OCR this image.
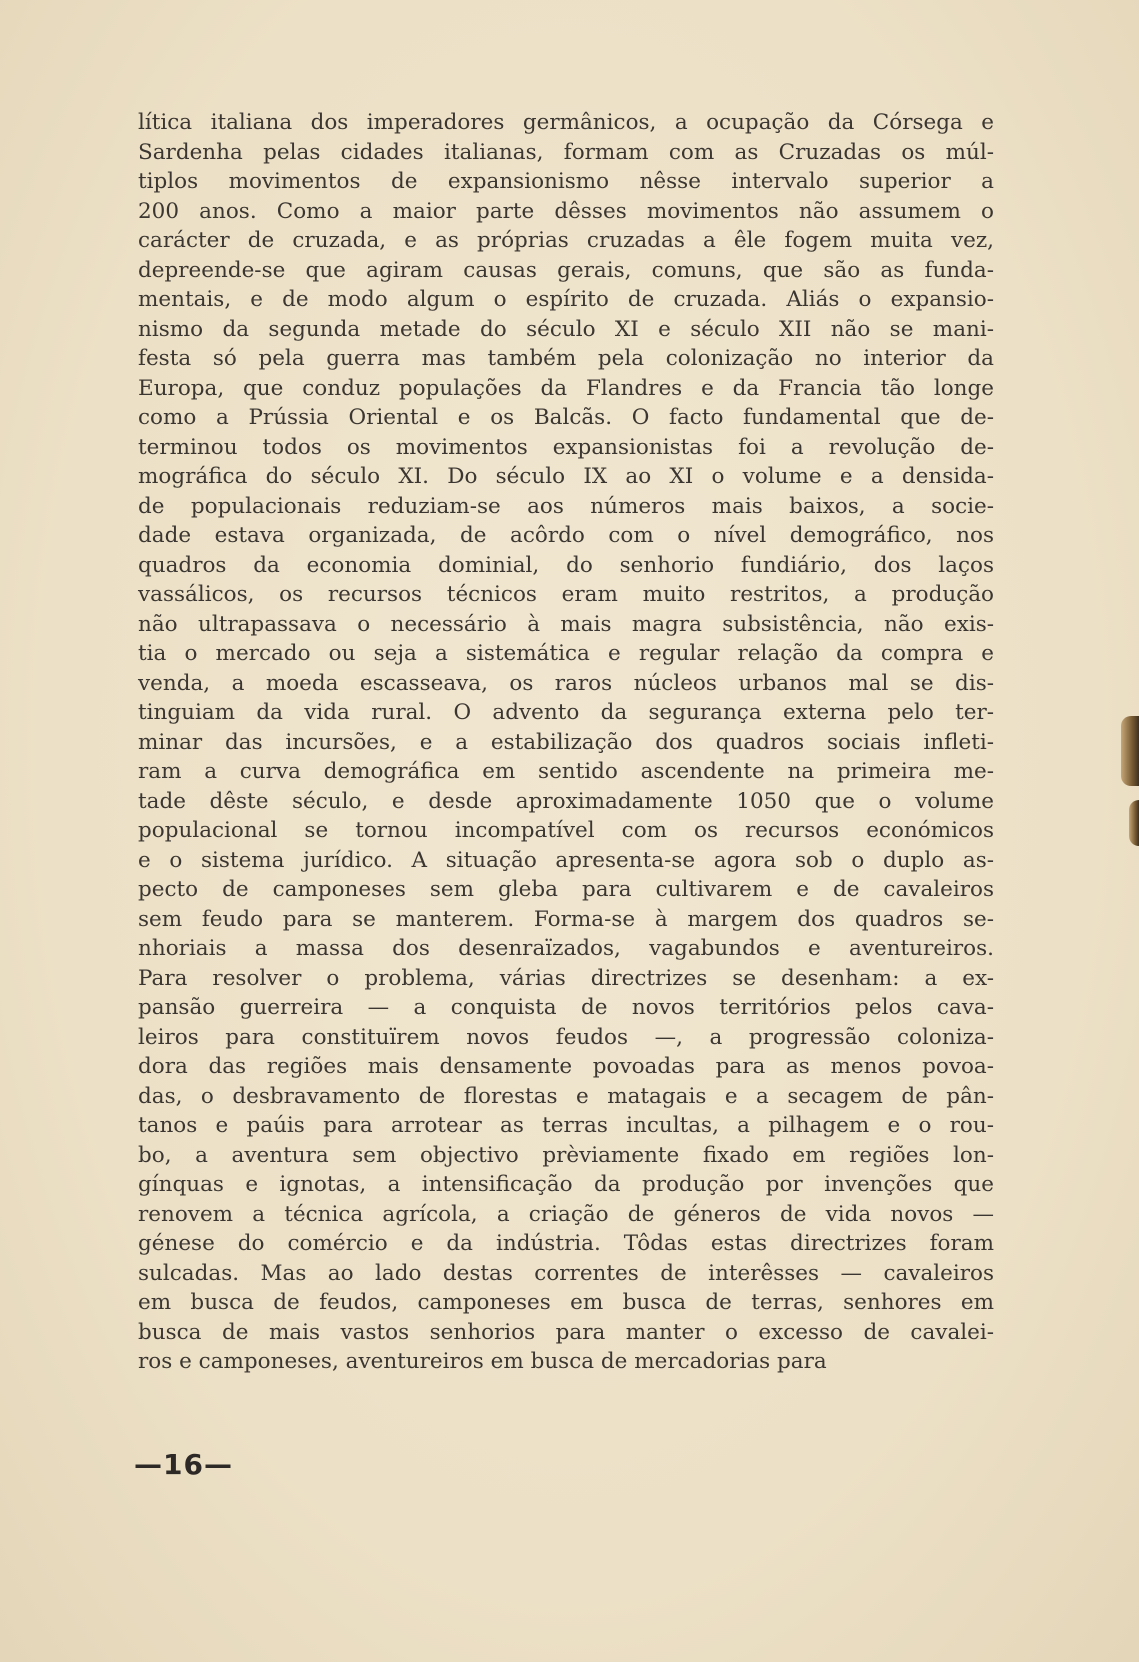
lítica italiana dos imperadores germânicos, a ocupação da Córsega e
Sardenha pelas cidades italianas, formam com as Cruzadas os múl-
tiplos movimentos de expansionismo nêsse intervalo superior a
200 anos. Como a maior parte dêsses movimentos não assumem o
carácter de cruzada, e as próprias cruzadas a êle fogem muita vez,
depreende-se que agiram causas gerais, comuns, que são as funda-
mentais, e de modo algum o espírito de cruzada. Aliás o expansio-
nismo da segunda metade do século XI e século XII não se mani-
festa só pela guerra mas também pela colonização no interior da
Europa, que conduz populações da Flandres e da Francia tão longe
como a Prússia Oriental e os Balcãs. O facto fundamental que de-
terminou todos os movimentos expansionistas foi a revolução de-
mográfica do século XI. Do século IX ao XI o volume e a densida-
de populacionais reduziam-se aos números mais baixos, a socie-
dade estava organizada, de acôrdo com o nível demográfico, nos
quadros da economia dominial, do senhorio fundiário, dos laços
vassálicos, os recursos técnicos eram muito restritos, a produção
não ultrapassava o necessário à mais magra subsistência, não exis-
tia o mercado ou seja a sistemática e regular relação da compra e
venda, a moeda escasseava, os raros núcleos urbanos mal se dis-
tinguiam da vida rural. O advento da segurança externa pelo ter-
minar das incursões, e a estabilização dos quadros sociais infleti-
ram a curva demográfica em sentido ascendente na primeira me-
tade dêste século, e desde aproximadamente 1050 que o volume
populacional se tornou incompatível com os recursos económicos
e o sistema jurídico. A situação apresenta-se agora sob o duplo as-
pecto de camponeses sem gleba para cultivarem e de cavaleiros
sem feudo para se manterem. Forma-se à margem dos quadros se-
nhoriais a massa dos desenraïzados, vagabundos e aventureiros.
Para resolver o problema, várias directrizes se desenham: a ex-
pansão guerreira — a conquista de novos territórios pelos cava-
leiros para constituïrem novos feudos —, a progressão coloniza-
dora das regiões mais densamente povoadas para as menos povoa-
das, o desbravamento de florestas e matagais e a secagem de pân-
tanos e paúis para arrotear as terras incultas, a pilhagem e o rou-
bo, a aventura sem objectivo prèviamente fixado em regiões lon-
gínquas e ignotas, a intensificação da produção por invenções que
renovem a técnica agrícola, a criação de géneros de vida novos —
génese do comércio e da indústria. Tôdas estas directrizes foram
sulcadas. Mas ao lado destas correntes de interêsses — cavaleiros
em busca de feudos, camponeses em busca de terras, senhores em
busca de mais vastos senhorios para manter o excesso de cavalei-
ros e camponeses, aventureiros em busca de mercadorias para
—16—
